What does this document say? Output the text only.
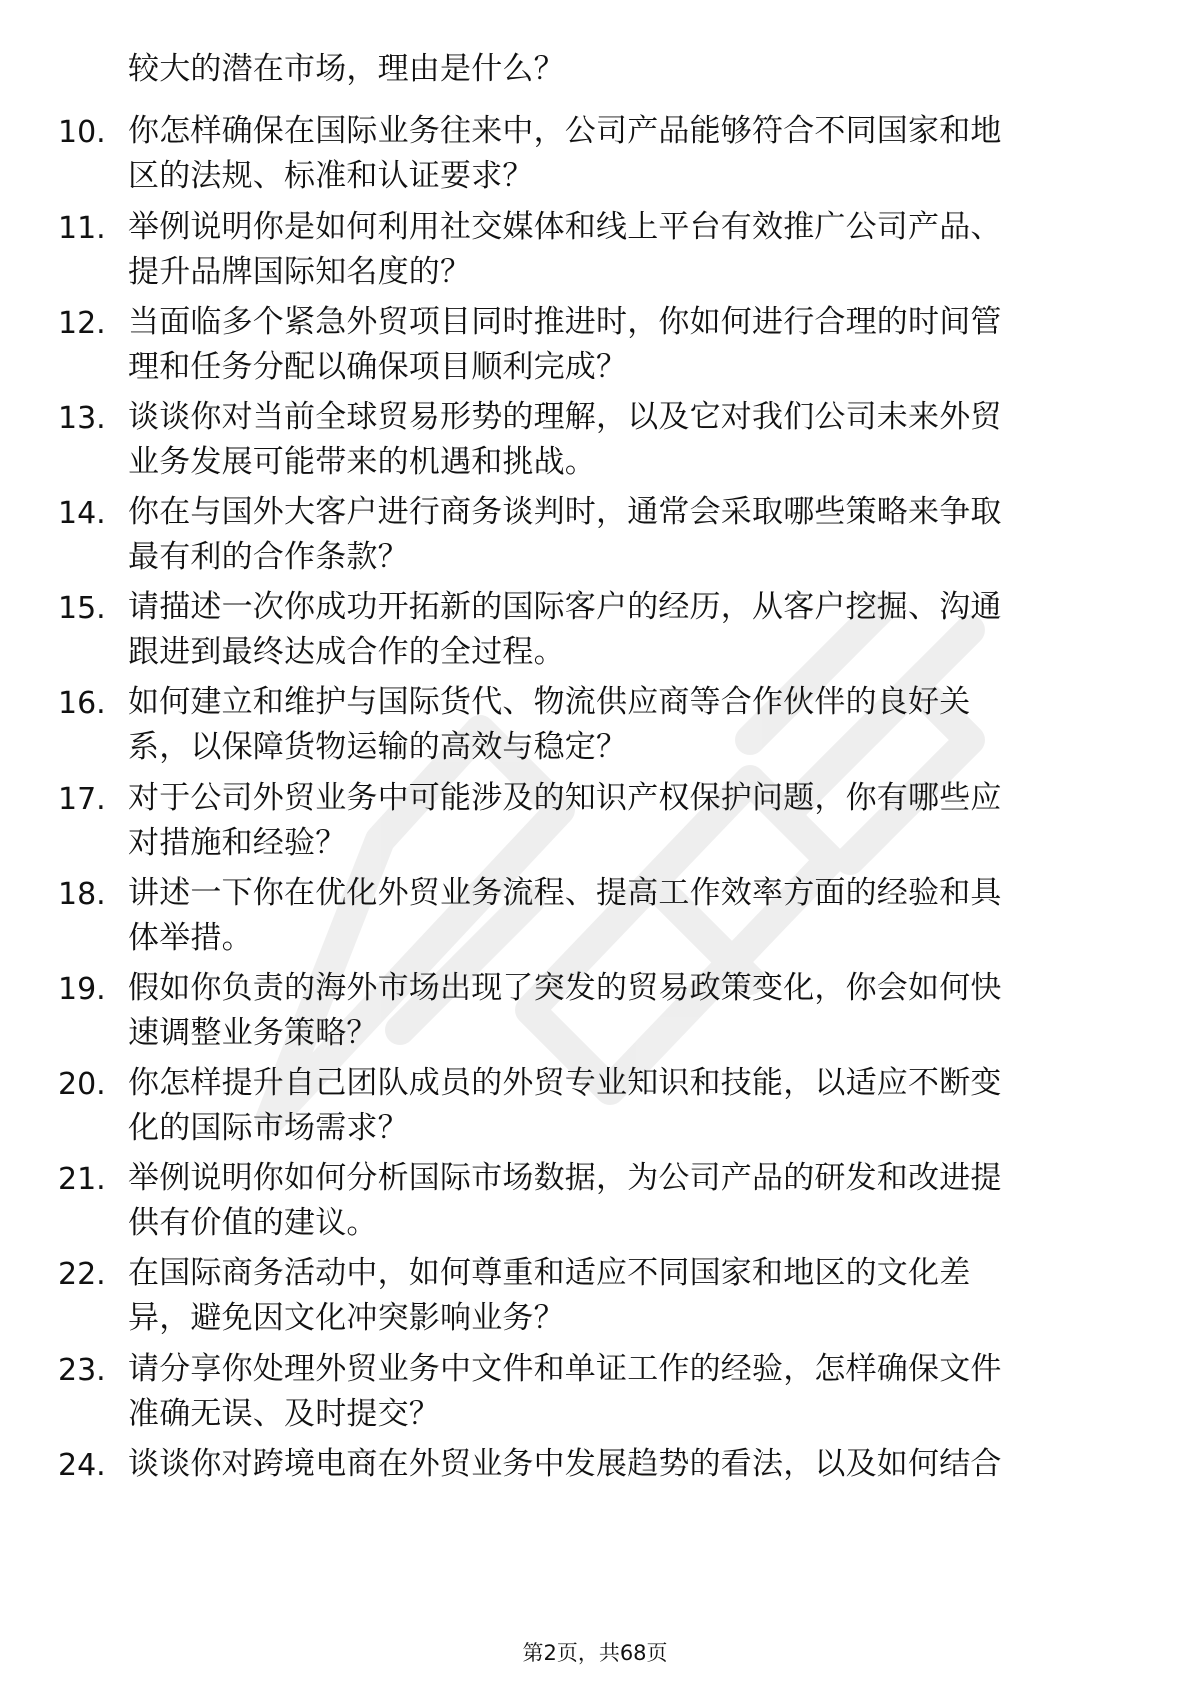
较大的潜在市场，理由是什么？
10. 你怎样确保在国际业务往来中，公司产品能够符合不同国家和地
区的法规、标准和认证要求？
11. 举例说明你是如何利用社交媒体和线上平台有效推广公司产品、
提升品牌国际知名度的？
12. 当面临多个紧急外贸项目同时推进时，你如何进行合理的时间管
理和任务分配以确保项目顺利完成？
13. 谈谈你对当前全球贸易形势的理解，以及它对我们公司未来外贸
业务发展可能带来的机遇和挑战。
14. 你在与国外大客户进行商务谈判时，通常会采取哪些策略来争取
最有利的合作条款？
15. 请描述一次你成功开拓新的国际客户的经历，从客户挖掘、沟通
跟进到最终达成合作的全过程。
16. 如何建立和维护与国际货代、物流供应商等合作伙伴的良好关
系，以保障货物运输的高效与稳定？
17. 对于公司外贸业务中可能涉及的知识产权保护问题，你有哪些应
对措施和经验？
18. 讲述一下你在优化外贸业务流程、提高工作效率方面的经验和具
体举措。
19. 假如你负责的海外市场出现了突发的贸易政策变化，你会如何快
速调整业务策略？
20. 你怎样提升自己团队成员的外贸专业知识和技能，以适应不断变
化的国际市场需求？
21. 举例说明你如何分析国际市场数据，为公司产品的研发和改进提
供有价值的建议。
22. 在国际商务活动中，如何尊重和适应不同国家和地区的文化差
异，避免因文化冲突影响业务？
23. 请分享你处理外贸业务中文件和单证工作的经验，怎样确保文件
准确无误、及时提交？
24. 谈谈你对跨境电商在外贸业务中发展趋势的看法，以及如何结合
第2页，共68页
